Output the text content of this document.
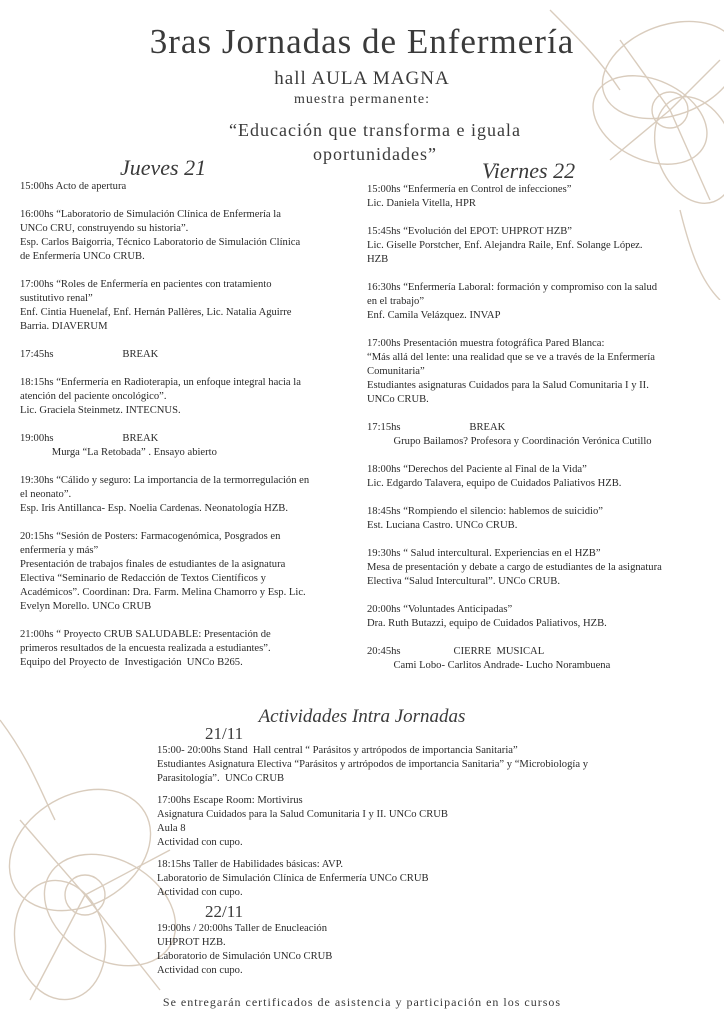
3ras Jornadas de Enfermería
hall AULA MAGNA
muestra permanente:
“Educación que transforma e iguala oportunidades”
Jueves 21	Viernes 22
15:00hs Acto de apertura
16:00hs “Laboratorio de Simulación Clínica de Enfermería la
UNCo CRU, construyendo su historia”.
Esp. Carlos Baigorria, Técnico Laboratorio de Simulación Clínica
de Enfermería UNCo CRUB.
17:00hs “Roles de Enfermería en pacientes con tratamiento
sustitutivo renal”
Enf. Cintia Huenelaf, Enf. Hernán Pallères, Lic. Natalia Aguirre
Barria. DIAVERUM
17:45hs                          BREAK
18:15hs “Enfermería en Radioterapia, un enfoque integral hacia la
atención del paciente oncológico”.
Lic. Graciela Steinmetz. INTECNUS.
19:00hs                          BREAK
Murga “La Retobada” . Ensayo abierto
19:30hs “Cálido y seguro: La importancia de la termorregulación en
el neonato”.
Esp. Iris Antillanca- Esp. Noelia Cardenas. Neonatología HZB.
20:15hs “Sesión de Posters: Farmacogenómica, Posgrados en
enfermería y más”
Presentación de trabajos finales de estudiantes de la asignatura
Electiva “Seminario de Redacción de Textos Científicos y
Académicos”. Coordinan: Dra. Farm. Melina Chamorro y Esp. Lic.
Evelyn Morello. UNCo CRUB
21:00hs “ Proyecto CRUB SALUDABLE: Presentación de
primeros resultados de la encuesta realizada a estudiantes”.
Equipo del Proyecto de  Investigación  UNCo B265.
15:00hs “Enfermería en Control de infecciones”
Lic. Daniela Vitella, HPR
15:45hs “Evolución del EPOT: UHPROT HZB”
Lic. Giselle Porstcher, Enf. Alejandra Raile, Enf. Solange López.
HZB
16:30hs “Enfermería Laboral: formación y compromiso con la salud
en el trabajo”
Enf. Camila Velázquez. INVAP
17:00hs Presentación muestra fotográfica Pared Blanca:
“Más allá del lente: una realidad que se ve a través de la Enfermería
Comunitaria”
Estudiantes asignaturas Cuidados para la Salud Comunitaria I y II.
UNCo CRUB.
17:15hs                          BREAK
Grupo Bailamos? Profesora y Coordinación Verónica Cutillo
18:00hs “Derechos del Paciente al Final de la Vida”
Lic. Edgardo Talavera, equipo de Cuidados Paliativos HZB.
18:45hs “Rompiendo el silencio: hablemos de suicidio”
Est. Luciana Castro. UNCo CRUB.
19:30hs “ Salud intercultural. Experiencias en el HZB”
Mesa de presentación y debate a cargo de estudiantes de la asignatura
Electiva “Salud Intercultural”. UNCo CRUB.
20:00hs “Voluntades Anticipadas”
Dra. Ruth Butazzi, equipo de Cuidados Paliativos, HZB.
20:45hs                    CIERRE  MUSICAL
Cami Lobo- Carlitos Andrade- Lucho Norambuena
Actividades Intra Jornadas
21/11
15:00- 20:00hs Stand  Hall central “ Parásitos y artrópodos de importancia Sanitaria”
Estudiantes Asignatura Electiva “Parásitos y artrópodos de importancia Sanitaria” y “Microbiología y
Parasitología”.  UNCo CRUB
17:00hs Escape Room: Mortivirus
Asignatura Cuidados para la Salud Comunitaria I y II. UNCo CRUB
Aula 8
Actividad con cupo.
18:15hs Taller de Habilidades básicas: AVP.
Laboratorio de Simulación Clínica de Enfermería UNCo CRUB
Actividad con cupo.
22/11
19:00hs / 20:00hs Taller de Enucleación
UHPROT HZB.
Laboratorio de Simulación UNCo CRUB
Actividad con cupo.
Se entregarán certificados de asistencia y participación en los cursos
